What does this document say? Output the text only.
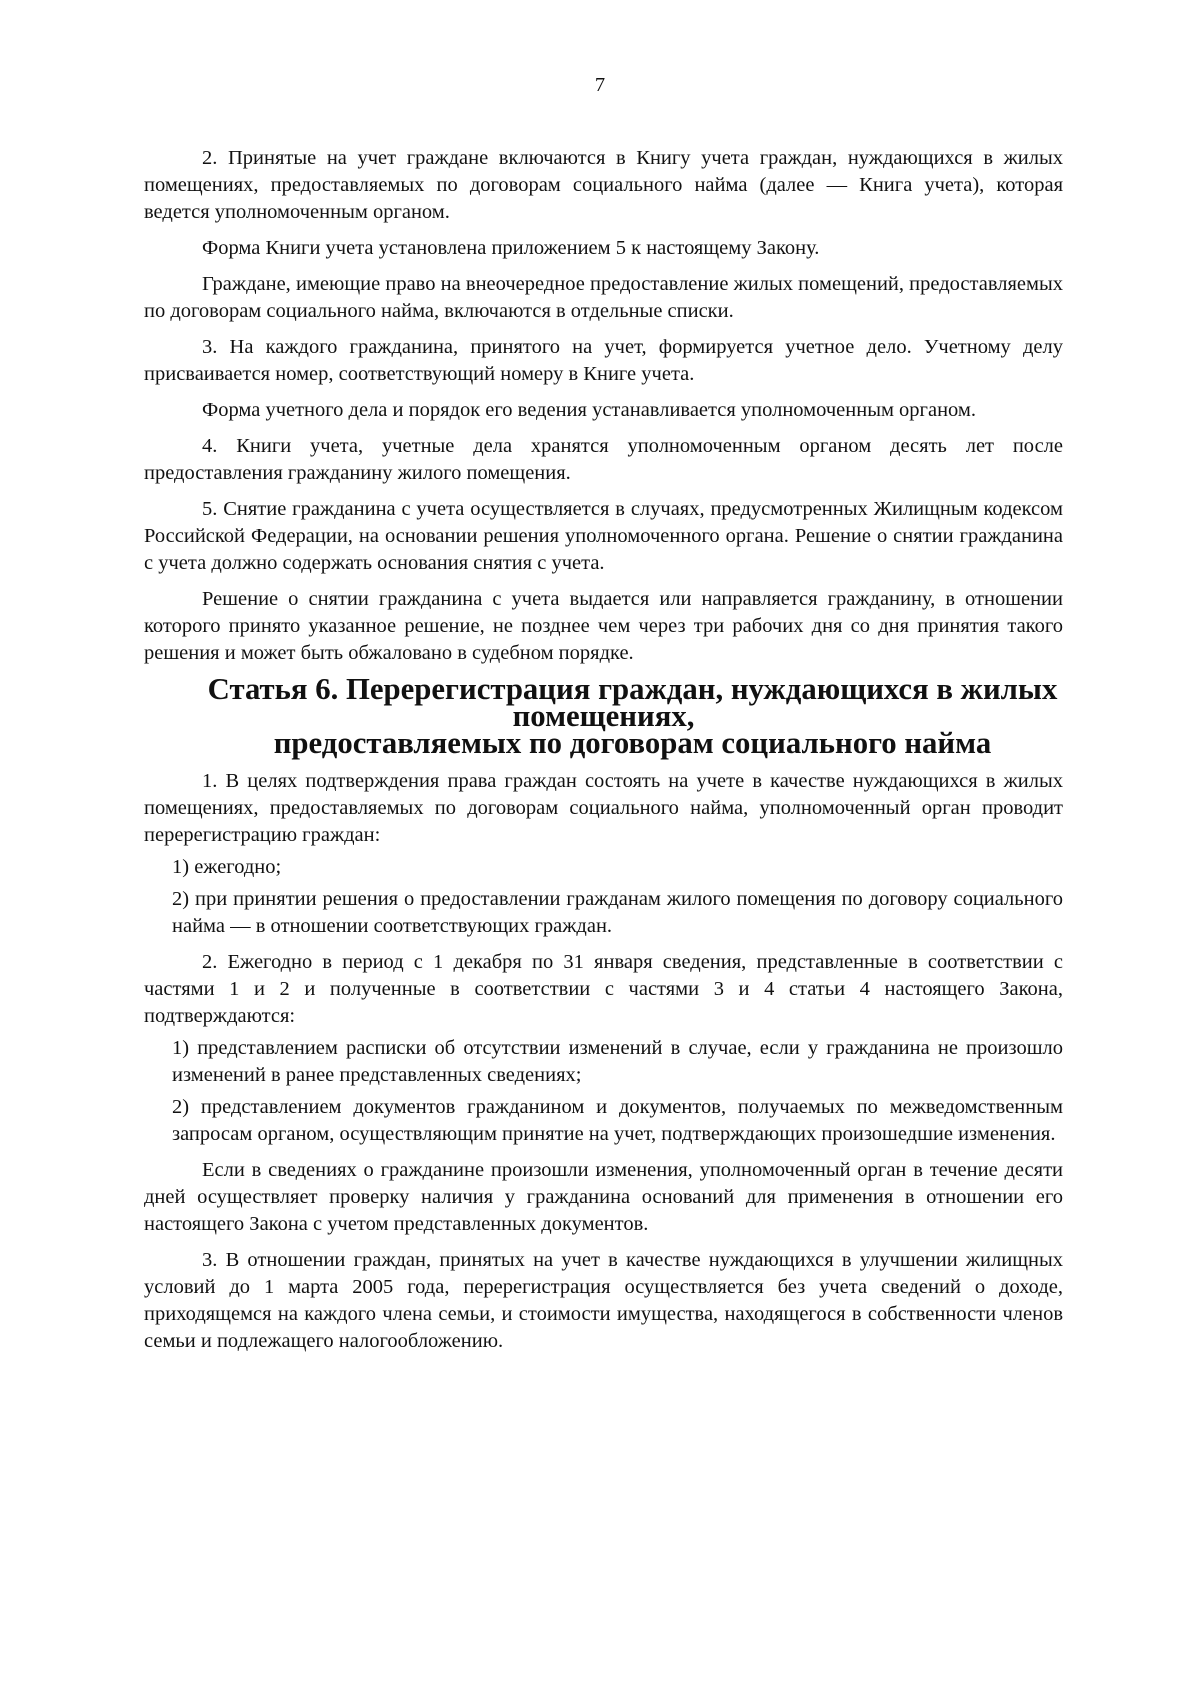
7

2. Принятые на учет граждане включаются в Книгу учета граждан, нуждающихся в жилых помещениях, предоставляемых по договорам социального найма (далее — Книга учета), которая ведется уполномоченным органом.

Форма Книги учета установлена приложением 5 к настоящему Закону.

Граждане, имеющие право на внеочередное предоставление жилых помещений, предоставляемых по договорам социального найма, включаются в отдельные списки.

3. На каждого гражданина, принятого на учет, формируется учетное дело. Учетному делу присваивается номер, соответствующий номеру в Книге учета.

Форма учетного дела и порядок его ведения устанавливается уполномоченным органом.

4. Книги учета, учетные дела хранятся уполномоченным органом десять лет после предоставления гражданину жилого помещения.

5. Снятие гражданина с учета осуществляется в случаях, предусмотренных Жилищным кодексом Российской Федерации, на основании решения уполномоченного органа. Решение о снятии гражданина с учета должно содержать основания снятия с учета.

Решение о снятии гражданина с учета выдается или направляется гражданину, в отношении которого принято указанное решение, не позднее чем через три рабочих дня со дня принятия такого решения и может быть обжаловано в судебном порядке.

Статья 6. Перерегистрация граждан, нуждающихся в жилых помещениях,
предоставляемых по договорам социального найма

1. В целях подтверждения права граждан состоять на учете в качестве нуждающихся в жилых помещениях, предоставляемых по договорам социального найма, уполномоченный орган проводит перерегистрацию граждан:

1) ежегодно;

2) при принятии решения о предоставлении гражданам жилого помещения по договору социального найма — в отношении соответствующих граждан.

2. Ежегодно в период с 1 декабря по 31 января сведения, представленные в соответствии с частями 1 и 2 и полученные в соответствии с частями 3 и 4 статьи 4 настоящего Закона, подтверждаются:

1) представлением расписки об отсутствии изменений в случае, если у гражданина не произошло изменений в ранее представленных сведениях;

2) представлением документов гражданином и документов, получаемых по межведомственным запросам органом, осуществляющим принятие на учет, подтверждающих произошедшие изменения.

Если в сведениях о гражданине произошли изменения, уполномоченный орган в течение десяти дней осуществляет проверку наличия у гражданина оснований для применения в отношении его настоящего Закона с учетом представленных документов.

3. В отношении граждан, принятых на учет в качестве нуждающихся в улучшении жилищных условий до 1 марта 2005 года, перерегистрация осуществляется без учета сведений о доходе, приходящемся на каждого члена семьи, и стоимости имущества, находящегося в собственности членов семьи и подлежащего налогообложению.
